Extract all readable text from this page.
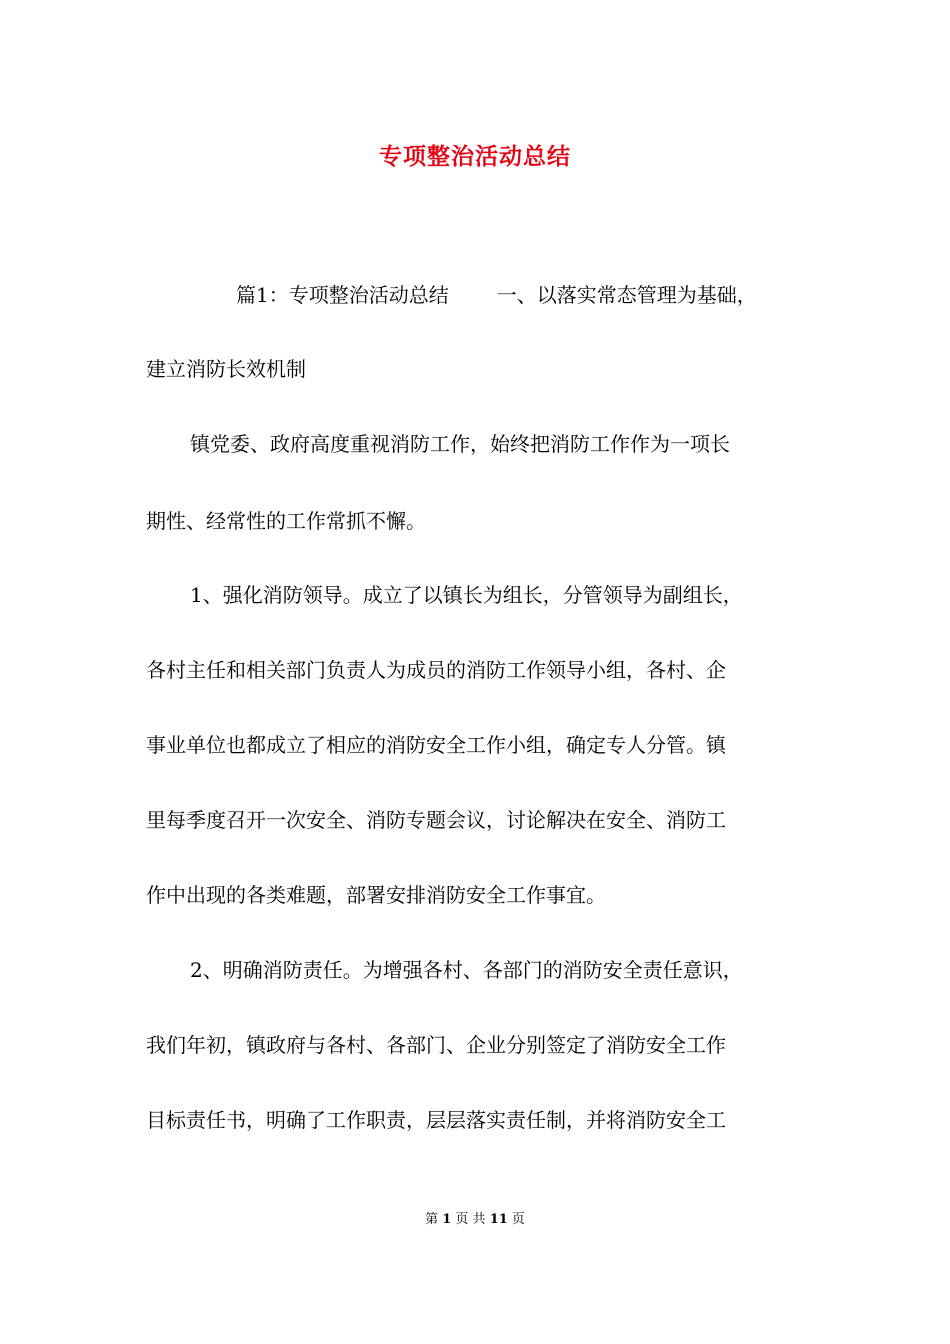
专项整治活动总结
篇1：专项整治活动总结 一、以落实常态管理为基础，
建立消防长效机制
镇党委、政府高度重视消防工作，始终把消防工作作为一项长
期性、经常性的工作常抓不懈。
1、强化消防领导。成立了以镇长为组长，分管领导为副组长，
各村主任和相关部门负责人为成员的消防工作领导小组，各村、企
事业单位也都成立了相应的消防安全工作小组，确定专人分管。镇
里每季度召开一次安全、消防专题会议，讨论解决在安全、消防工
作中出现的各类难题，部署安排消防安全工作事宜。
2、明确消防责任。为增强各村、各部门的消防安全责任意识，
我们年初，镇政府与各村、各部门、企业分别签定了消防安全工作
目标责任书，明确了工作职责，层层落实责任制，并将消防安全工
第 1 页 共 11 页
